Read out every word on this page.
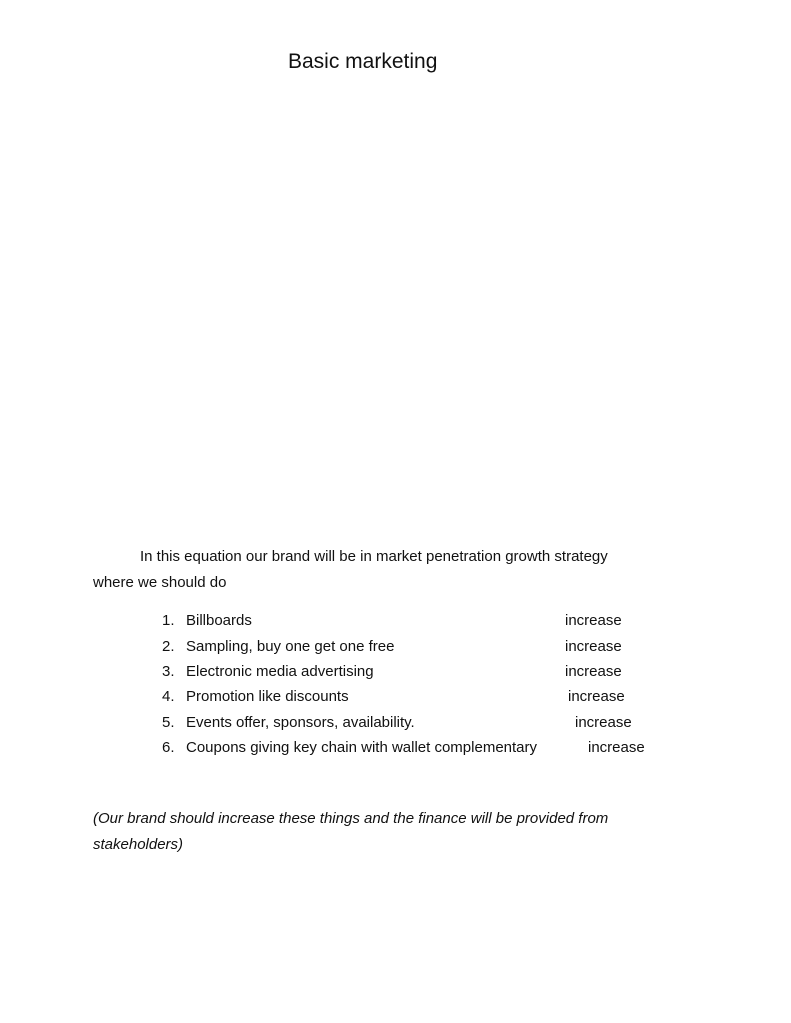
Basic marketing
In this equation our brand will be in market penetration growth strategy
where we should do
1. Billboards	increase
2. Sampling, buy one get one free	increase
3. Electronic media advertising	increase
4. Promotion like discounts	increase
5. Events offer, sponsors, availability.	increase
6. Coupons giving key chain with wallet complementary	increase
(Our brand should increase these things and the finance will be provided from
stakeholders)
